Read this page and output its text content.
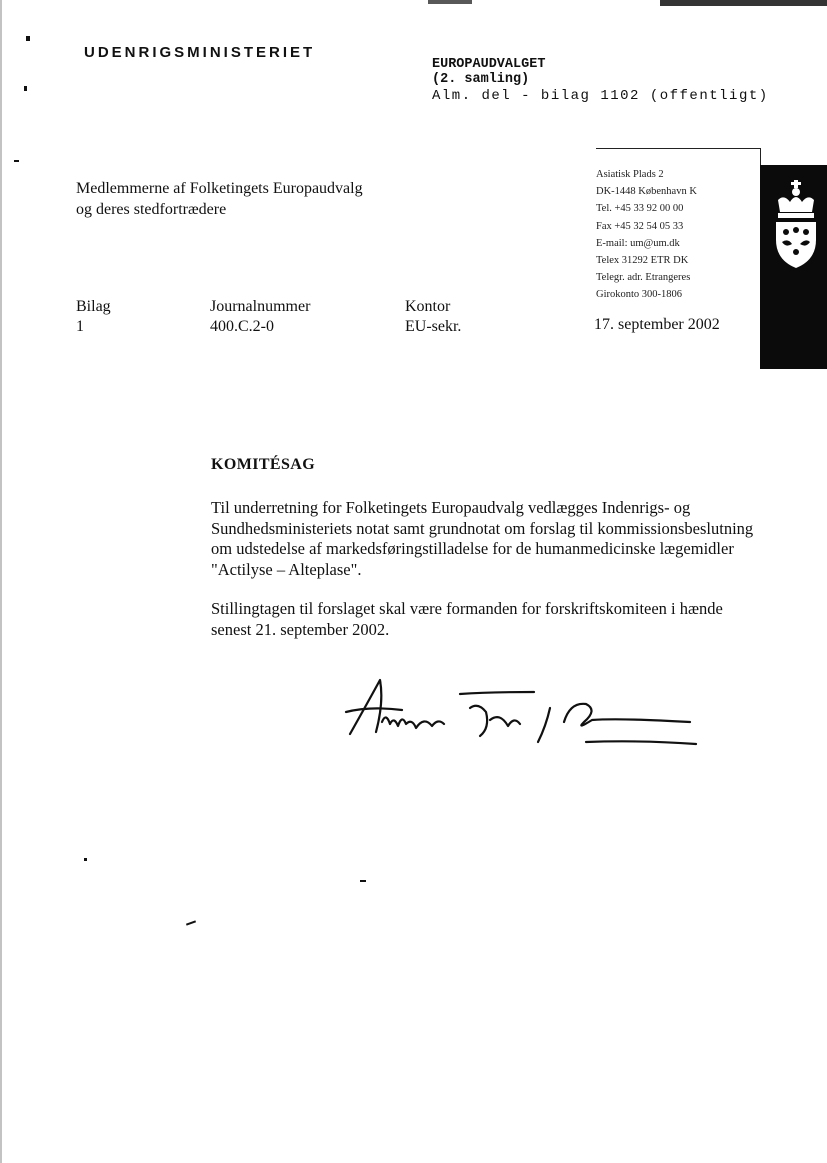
UDENRIGSMINISTERIET
EUROPAUDVALGET
(2. samling)
Alm. del - bilag 1102 (offentligt)
Medlemmerne af Folketingets Europaudvalg
og deres stedfortrædere
Asiatisk Plads 2
DK-1448 København K
Tel. +45 33 92 00 00
Fax +45 32 54 05 33
E-mail: um@um.dk
Telex 31292 ETR DK
Telegr. adr. Etrangeres
Girokonto 300-1806
Bilag
1
Journalnummer
400.C.2-0
Kontor
EU-sekr.	17. september 2002
KOMITÉSAG

Til underretning for Folketingets Europaudvalg vedlægges Indenrigs- og Sundhedsministeriets notat samt grundnotat om forslag til kommissionsbeslutning om udstedelse af markedsføringstilladelse for de humanmedicinske lægemidler "Actilyse – Alteplase".

Stillingtagen til forslaget skal være formanden for forskriftskomiteen i hænde senest 21. september 2002.
